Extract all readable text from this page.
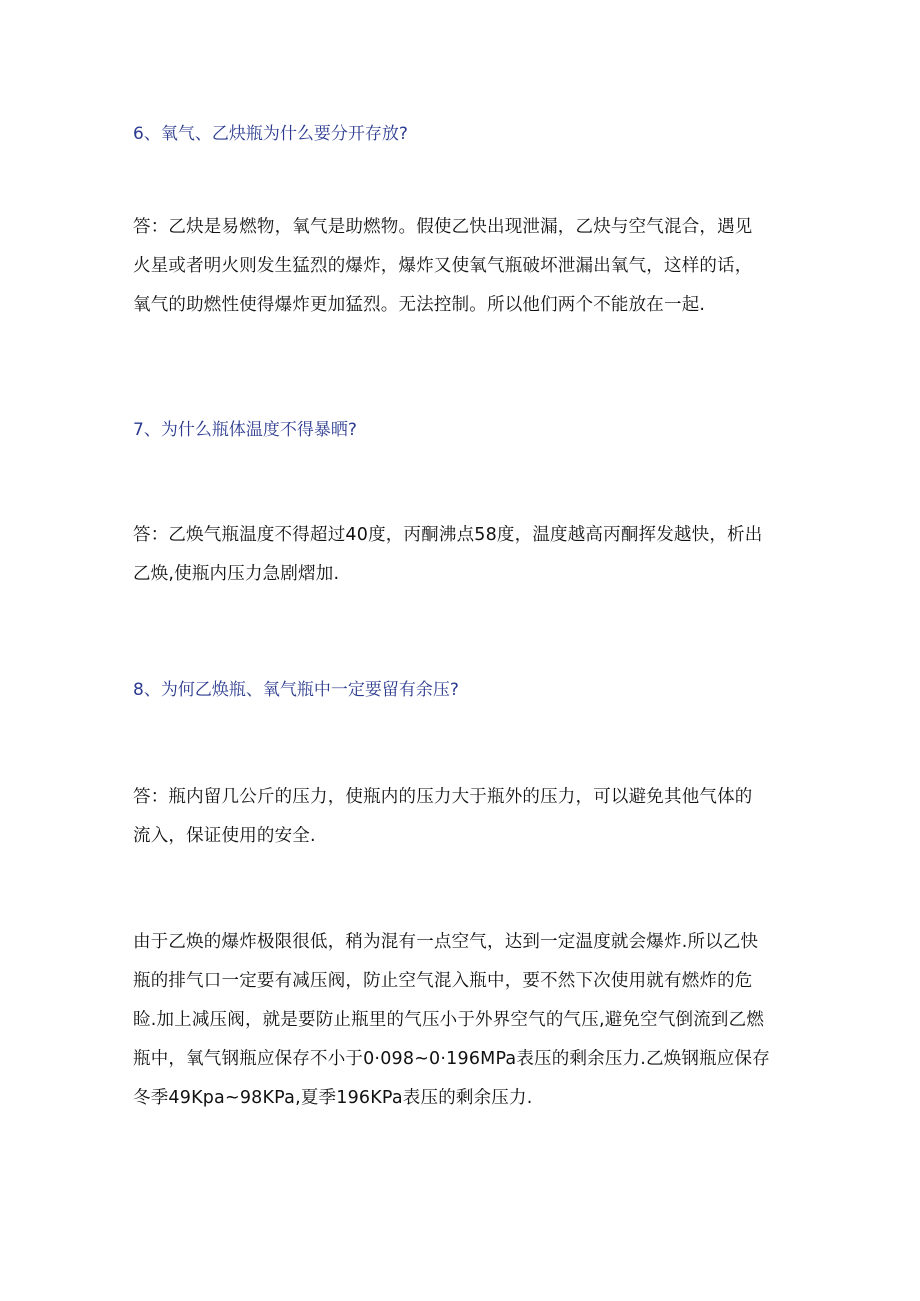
6、氧气、乙炔瓶为什么要分开存放?
答：乙炔是易燃物，氧气是助燃物。假使乙快出现泄漏，乙炔与空气混合，遇见
火星或者明火则发生猛烈的爆炸，爆炸又使氧气瓶破坏泄漏出氧气，这样的话，
氧气的助燃性使得爆炸更加猛烈。无法控制。所以他们两个不能放在一起.
7、为什么瓶体温度不得暴晒?
答：乙焕气瓶温度不得超过40度，丙酮沸点58度，温度越高丙酮挥发越快，析出
乙焕,使瓶内压力急剧熠加.
8、为何乙焕瓶、氧气瓶中一定要留有余压?
答：瓶内留几公斤的压力，使瓶内的压力大于瓶外的压力，可以避免其他气体的
流入，保证使用的安全.
由于乙焕的爆炸极限很低，稍为混有一点空气，达到一定温度就会爆炸.所以乙快
瓶的排气口一定要有减压阀，防止空气混入瓶中，要不然下次使用就有燃炸的危
睑.加上减压阀，就是要防止瓶里的气压小于外界空气的气压,避免空气倒流到乙燃
瓶中，氧气钢瓶应保存不小于0·098~0·196MPa表压的剩余压力.乙焕钢瓶应保存
冬季49Kpa~98KPa,夏季196KPa表压的剩余压力.
